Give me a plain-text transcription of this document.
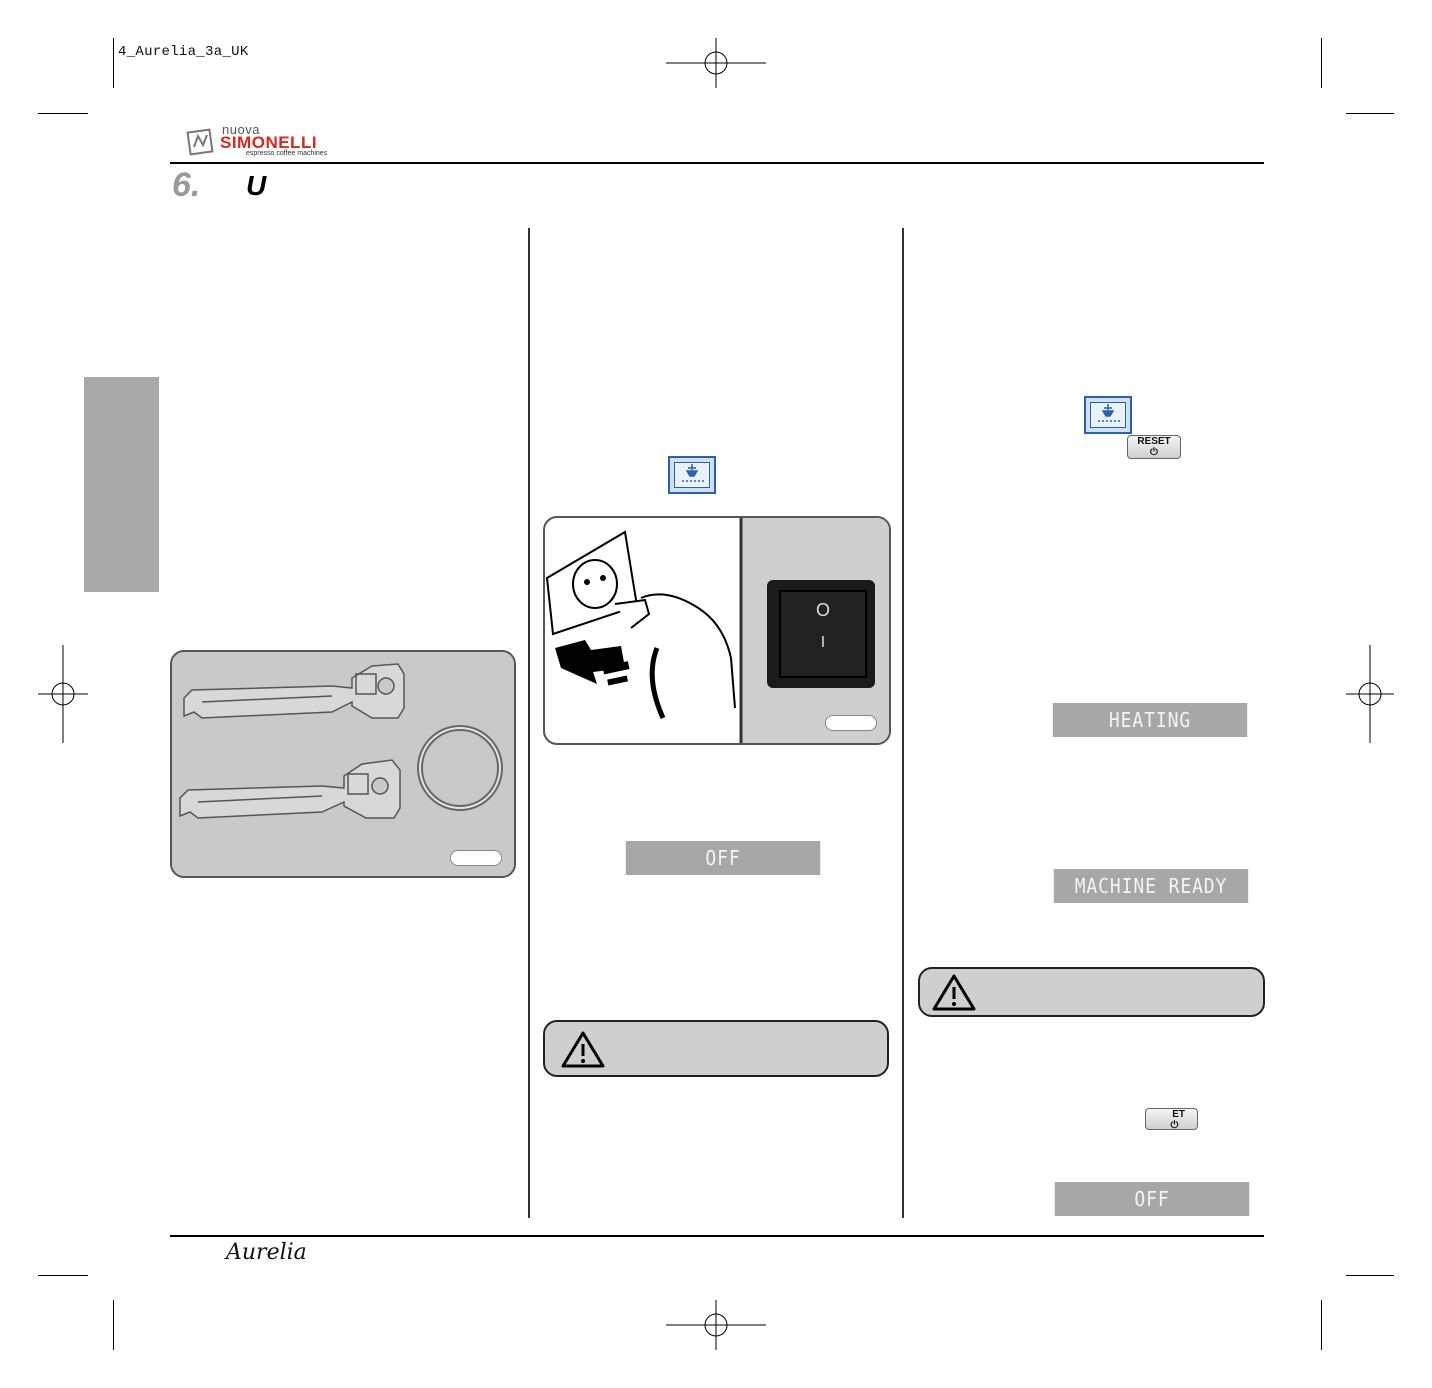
4_Aurelia_3a_UK
nuova
SIMONELLI
espresso coffee machines
6. U
O
I
OFF
RESET
⏻
HEATING
MACHINE READY
ET
⏻
OFF
Aurelia
